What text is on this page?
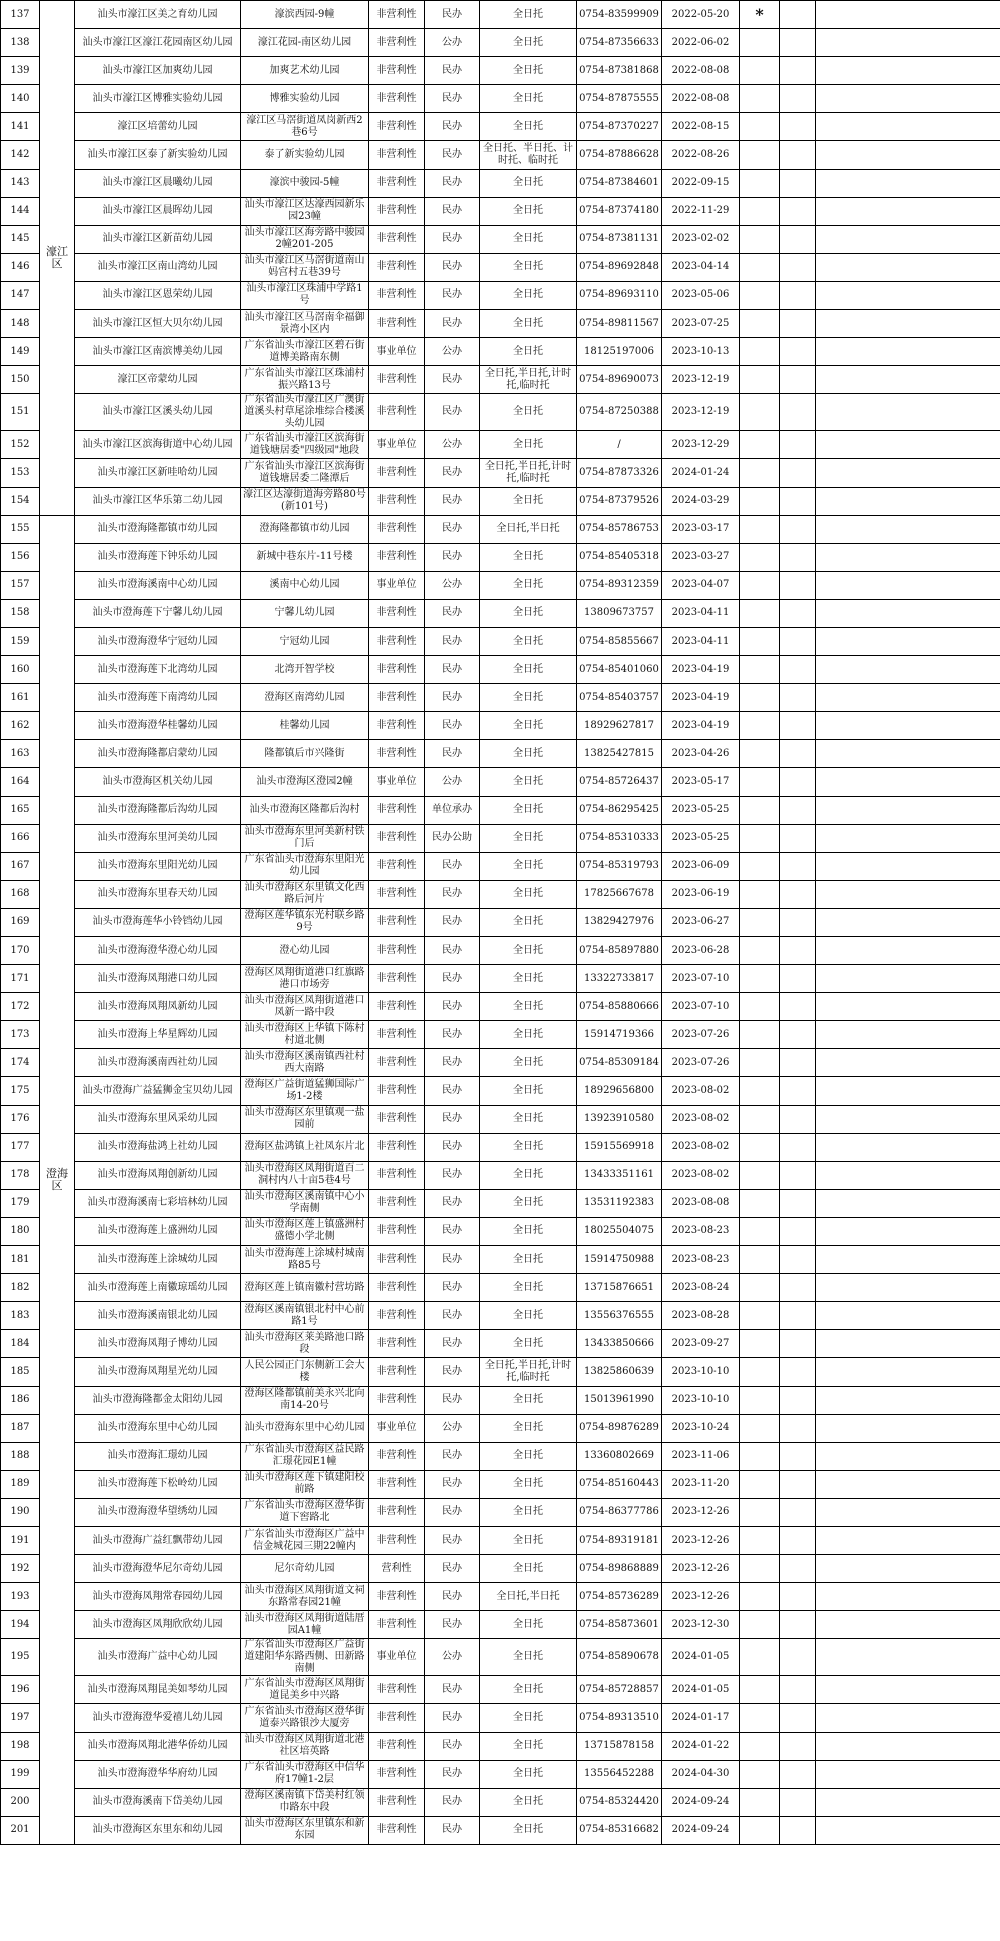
137	濠江区	汕头市濠江区美之育幼儿园	濠滨西园-9幢	非营利性	民办	全日托	0754-83599909	2022-05-20	*		
138		汕头市濠江区濠江花园南区幼儿园	濠江花园-南区幼儿园	非营利性	公办	全日托	0754-87356633	2022-06-02			
139		汕头市濠江区加爽幼儿园	加爽艺术幼儿园	非营利性	民办	全日托	0754-87381868	2022-08-08			
140		汕头市濠江区博雅实验幼儿园	博雅实验幼儿园	非营利性	民办	全日托	0754-87875555	2022-08-08			
141		濠江区培蕾幼儿园	濠江区马滘街道凤岗新西2巷6号	非营利性	民办	全日托	0754-87370227	2022-08-15			
142		汕头市濠江区泰了新实验幼儿园	泰了新实验幼儿园	非营利性	民办	全日托、半日托、计时托、临时托	0754-87886628	2022-08-26			
143		汕头市濠江区晨曦幼儿园	濠滨中骏园-5幢	非营利性	民办	全日托	0754-87384601	2022-09-15			
144		汕头市濠江区晨晖幼儿园	汕头市濠江区达濠西园新乐园23幢	非营利性	民办	全日托	0754-87374180	2022-11-29			
145		汕头市濠江区新苗幼儿园	汕头市濠江区海旁路中骏园2幢201-205	非营利性	民办	全日托	0754-87381131	2023-02-02			
146		汕头市濠江区南山湾幼儿园	汕头市濠江区马滘街道南山妈宫村五巷39号	非营利性	民办	全日托	0754-89692848	2023-04-14			
147		汕头市濠江区恩荣幼儿园	汕头市濠江区珠浦中学路1号	非营利性	民办	全日托	0754-89693110	2023-05-06			
148		汕头市濠江区恒大贝尔幼儿园	汕头市濠江区马滘南伞福御景湾小区内	非营利性	民办	全日托	0754-89811567	2023-07-25			
149		汕头市濠江区南滨博美幼儿园	广东省汕头市濠江区碧石街道博美路南东侧	事业单位	公办	全日托	18125197006	2023-10-13			
150		濠江区帝蒙幼儿园	广东省汕头市濠江区珠浦村振兴路13号	非营利性	民办	全日托,半日托,计时托,临时托	0754-89690073	2023-12-19			
151		汕头市濠江区溪头幼儿园	广东省汕头市濠江区广澳街道溪头村草尾涂堆综合楼溪头幼儿园	非营利性	民办	全日托	0754-87250388	2023-12-19			
152		汕头市濠江区滨海街道中心幼儿园	广东省汕头市濠江区滨海街道钱塘居委"四级园"地段	事业单位	公办	全日托	/	2023-12-29			
153		汕头市濠江区新哇哈幼儿园	广东省汕头市濠江区滨海街道钱塘居委二隆潭后	非营利性	民办	全日托,半日托,计时托,临时托	0754-87873326	2024-01-24			
154		汕头市濠江区华乐第二幼儿园	濠江区达濠街道海旁路80号(新101号)	非营利性	民办	全日托	0754-87379526	2024-03-29			
155	澄海区	汕头市澄海隆都镇市幼儿园	澄海隆都镇市幼儿园	非营利性	民办	全日托,半日托	0754-85786753	2023-03-17			
156		汕头市澄海莲下钟乐幼儿园	新城中巷东片-11号楼	非营利性	民办	全日托	0754-85405318	2023-03-27			
157		汕头市澄海溪南中心幼儿园	溪南中心幼儿园	事业单位	公办	全日托	0754-89312359	2023-04-07			
158		汕头市澄海莲下宁馨儿幼儿园	宁馨儿幼儿园	非营利性	民办	全日托	13809673757	2023-04-11			
159		汕头市澄海澄华宁冠幼儿园	宁冠幼儿园	非营利性	民办	全日托	0754-85855667	2023-04-11			
160		汕头市澄海莲下北湾幼儿园	北湾开智学校	非营利性	民办	全日托	0754-85401060	2023-04-19			
161		汕头市澄海莲下南湾幼儿园	澄海区南湾幼儿园	非营利性	民办	全日托	0754-85403757	2023-04-19			
162		汕头市澄海澄华桂馨幼儿园	桂馨幼儿园	非营利性	民办	全日托	18929627817	2023-04-19			
163		汕头市澄海隆都启蒙幼儿园	隆都镇后市兴隆街	非营利性	民办	全日托	13825427815	2023-04-26			
164		汕头市澄海区机关幼儿园	汕头市澄海区澄园2幢	事业单位	公办	全日托	0754-85726437	2023-05-17			
165		汕头市澄海隆都后沟幼儿园	汕头市澄海区隆都后沟村	非营利性	单位承办	全日托	0754-86295425	2023-05-25			
166		汕头市澄海东里河美幼儿园	汕头市澄海东里河美新村铁门后	非营利性	民办公助	全日托	0754-85310333	2023-05-25			
167		汕头市澄海东里阳光幼儿园	广东省汕头市澄海东里阳光幼儿园	非营利性	民办	全日托	0754-85319793	2023-06-09			
168		汕头市澄海东里春天幼儿园	汕头市澄海区东里镇文化西路后河片	非营利性	民办	全日托	17825667678	2023-06-19			
169		汕头市澄海莲华小铃铛幼儿园	澄海区莲华镇东光村联乡路9号	非营利性	民办	全日托	13829427976	2023-06-27			
170		汕头市澄海澄华澄心幼儿园	澄心幼儿园	非营利性	民办	全日托	0754-85897880	2023-06-28			
171		汕头市澄海凤翔港口幼儿园	澄海区凤翔街道港口红旗路港口市场旁	非营利性	民办	全日托	13322733817	2023-07-10			
172		汕头市澄海凤翔凤新幼儿园	汕头市澄海区凤翔街道港口凤新一路中段	非营利性	民办	全日托	0754-85880666	2023-07-10			
173		汕头市澄海上华星辉幼儿园	汕头市澄海区上华镇下陈村村道北侧	非营利性	民办	全日托	15914719366	2023-07-26			
174		汕头市澄海溪南西社幼儿园	汕头市澄海区溪南镇西社村西大南路	非营利性	民办	全日托	0754-85309184	2023-07-26			
175		汕头市澄海广益猛狮金宝贝幼儿园	澄海区广益街道猛狮国际广场1-2楼	非营利性	民办	全日托	18929656800	2023-08-02			
176		汕头市澄海东里风采幼儿园	汕头市澄海区东里镇观一盐园前	非营利性	民办	全日托	13923910580	2023-08-02			
177		汕头市澄海盐鸿上社幼儿园	澄海区盐鸿镇上社凤东片北	非营利性	民办	全日托	15915569918	2023-08-02			
178		汕头市澄海凤翔创新幼儿园	汕头市澄海区凤翔街道百二洞村内八十亩5巷4号	非营利性	民办	全日托	13433351161	2023-08-02			
179		汕头市澄海溪南七彩培林幼儿园	汕头市澄海区溪南镇中心小学南侧	非营利性	民办	全日托	13531192383	2023-08-08			
180		汕头市澄海莲上盛洲幼儿园	汕头市澄海区莲上镇盛洲村盛德小学北侧	非营利性	民办	全日托	18025504075	2023-08-23			
181		汕头市澄海莲上涂城幼儿园	汕头市澄海莲上涂城村城南路85号	非营利性	民办	全日托	15914750988	2023-08-23			
182		汕头市澄海莲上南徽琼瑶幼儿园	澄海区莲上镇南徽村营坊路	非营利性	民办	全日托	13715876651	2023-08-24			
183		汕头市澄海溪南银北幼儿园	澄海区溪南镇银北村中心前路1号	非营利性	民办	全日托	13556376555	2023-08-28			
184		汕头市澄海凤翔子博幼儿园	汕头市澄海区莱美路池口路段	非营利性	民办	全日托	13433850666	2023-09-27			
185		汕头市澄海凤翔星光幼儿园	人民公园正门东侧新工会大楼	非营利性	民办	全日托,半日托,计时托,临时托	13825860639	2023-10-10			
186		汕头市澄海隆都金太阳幼儿园	澄海区隆都镇前美永兴北向南14-20号	非营利性	民办	全日托	15013961990	2023-10-10			
187		汕头市澄海东里中心幼儿园	汕头市澄海东里中心幼儿园	事业单位	公办	全日托	0754-89876289	2023-10-24			
188		汕头市澄海汇璟幼儿园	广东省汕头市澄海区益民路汇璟花园E1幢	非营利性	民办	全日托	13360802669	2023-11-06			
189		汕头市澄海莲下松岭幼儿园	汕头市澄海区莲下镇建阳校前路	非营利性	民办	全日托	0754-85160443	2023-11-20			
190		汕头市澄海澄华望绣幼儿园	广东省汕头市澄海区澄华街道下窖路北	非营利性	民办	全日托	0754-86377786	2023-12-26			
191		汕头市澄海广益红飘带幼儿园	广东省汕头市澄海区广益中信金城花园三期22幢内	非营利性	民办	全日托	0754-89319181	2023-12-26			
192		汕头市澄海澄华尼尔奇幼儿园	尼尔奇幼儿园	营利性	民办	全日托	0754-89868889	2023-12-26			
193		汕头市澄海凤翔常春园幼儿园	汕头市澄海区凤翔街道文祠东路常春园21幢	非营利性	民办	全日托,半日托	0754-85736289	2023-12-26			
194		汕头市澄海区凤翔欣欣幼儿园	汕头市澄海区凤翔街道陆厝园A1幢	非营利性	民办	全日托	0754-85873601	2023-12-30			
195		汕头市澄海广益中心幼儿园	广东省汕头市澄海区广益街道建阳华东路西侧、田新路南侧	事业单位	公办	全日托	0754-85890678	2024-01-05			
196		汕头市澄海凤翔昆美如琴幼儿园	广东省汕头市澄海区凤翔街道昆美乡中兴路	非营利性	民办	全日托	0754-85728857	2024-01-05			
197		汕头市澄海澄华爱禧儿幼儿园	广东省汕头市澄海区澄华街道泰兴路银沙大厦旁	非营利性	民办	全日托	0754-89313510	2024-01-17			
198		汕头市澄海凤翔北港华侨幼儿园	汕头市澄海区凤翔街道北港社区培英路	非营利性	民办	全日托	13715878158	2024-01-22			
199		汕头市澄海澄华华府幼儿园	广东省汕头市澄海区中信华府17幢1-2层	非营利性	民办	全日托	13556452288	2024-04-30			
200		汕头市澄海溪南下岱美幼儿园	澄海区溪南镇下岱美村红领巾路东中段	非营利性	民办	全日托	0754-85324420	2024-09-24			
201		汕头市澄海区东里东和幼儿园	汕头市澄海区东里镇东和新东园	非营利性	民办	全日托	0754-85316682	2024-09-24			
